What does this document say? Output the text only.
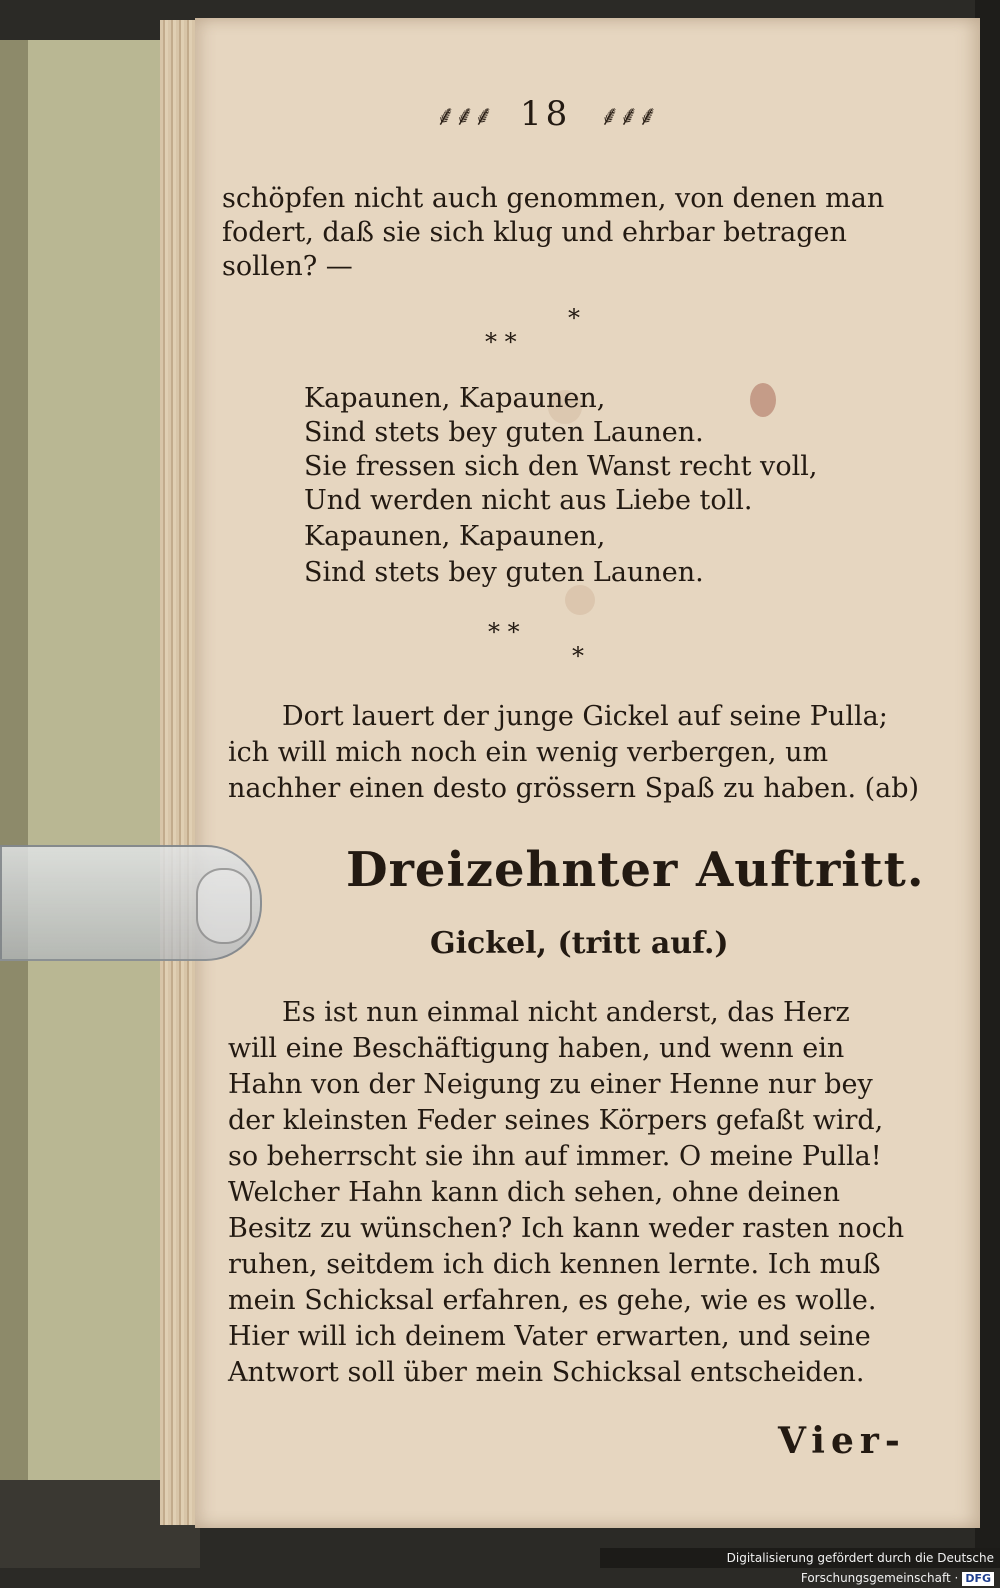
⸙⸙⸙ 18 ⸙⸙⸙
schöpfen nicht auch genommen, von denen man
fodert, daß sie sich klug und ehrbar betragen
sollen? —
*
* *
Kapaunen, Kapaunen,
Sind stets bey guten Launen.
Sie fressen sich den Wanst recht voll,
Und werden nicht aus Liebe toll.
Kapaunen, Kapaunen,
Sind stets bey guten Launen.
* *
*
Dort lauert der junge Gickel auf seine Pulla;
ich will mich noch ein wenig verbergen, um
nachher einen desto grössern Spaß zu haben. (ab)
Dreizehnter Auftritt.
Gickel, (tritt auf.)
Es ist nun einmal nicht anderst, das Herz
will eine Beschäftigung haben, und wenn ein
Hahn von der Neigung zu einer Henne nur bey
der kleinsten Feder seines Körpers gefaßt wird,
so beherrscht sie ihn auf immer. O meine Pulla!
Welcher Hahn kann dich sehen, ohne deinen
Besitz zu wünschen? Ich kann weder rasten noch
ruhen, seitdem ich dich kennen lernte. Ich muß
mein Schicksal erfahren, es gehe, wie es wolle.
Hier will ich deinem Vater erwarten, und seine
Antwort soll über mein Schicksal entscheiden.
Vier-
Digitalisierung gefördert durch die Deutsche Forschungsgemeinschaft · DFG
